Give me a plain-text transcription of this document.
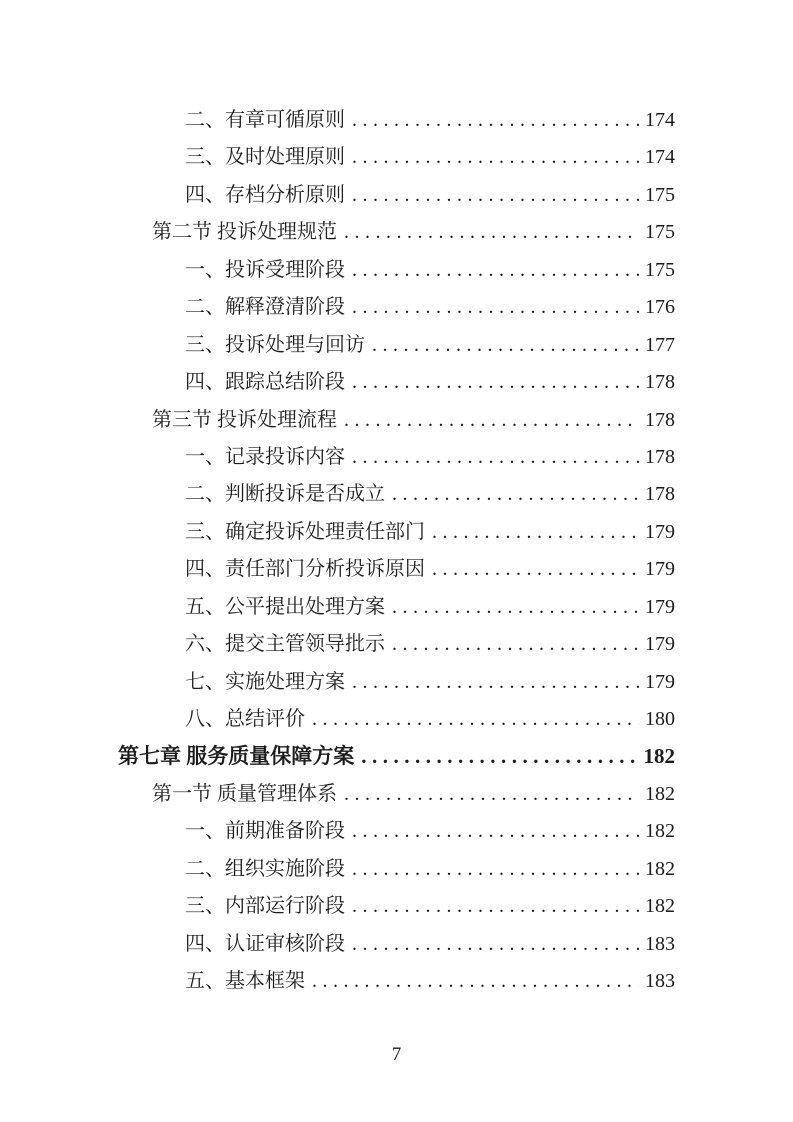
二、有章可循原则 .....	174
三、及时处理原则 .....	174
四、存档分析原则 .....	175
第二节 投诉处理规范 .....	175
一、投诉受理阶段 .....	175
二、解释澄清阶段 .....	176
三、投诉处理与回访 .....	177
四、跟踪总结阶段 .....	178
第三节 投诉处理流程 .....	178
一、记录投诉内容 .....	178
二、判断投诉是否成立 .....	178
三、确定投诉处理责任部门 .....	179
四、责任部门分析投诉原因 .....	179
五、公平提出处理方案 .....	179
六、提交主管领导批示 .....	179
七、实施处理方案 .....	179
八、总结评价 .....	180
第七章 服务质量保障方案 .....	182
第一节 质量管理体系 .....	182
一、前期准备阶段 .....	182
二、组织实施阶段 .....	182
三、内部运行阶段 .....	182
四、认证审核阶段 .....	183
五、基本框架 .....	183
7
